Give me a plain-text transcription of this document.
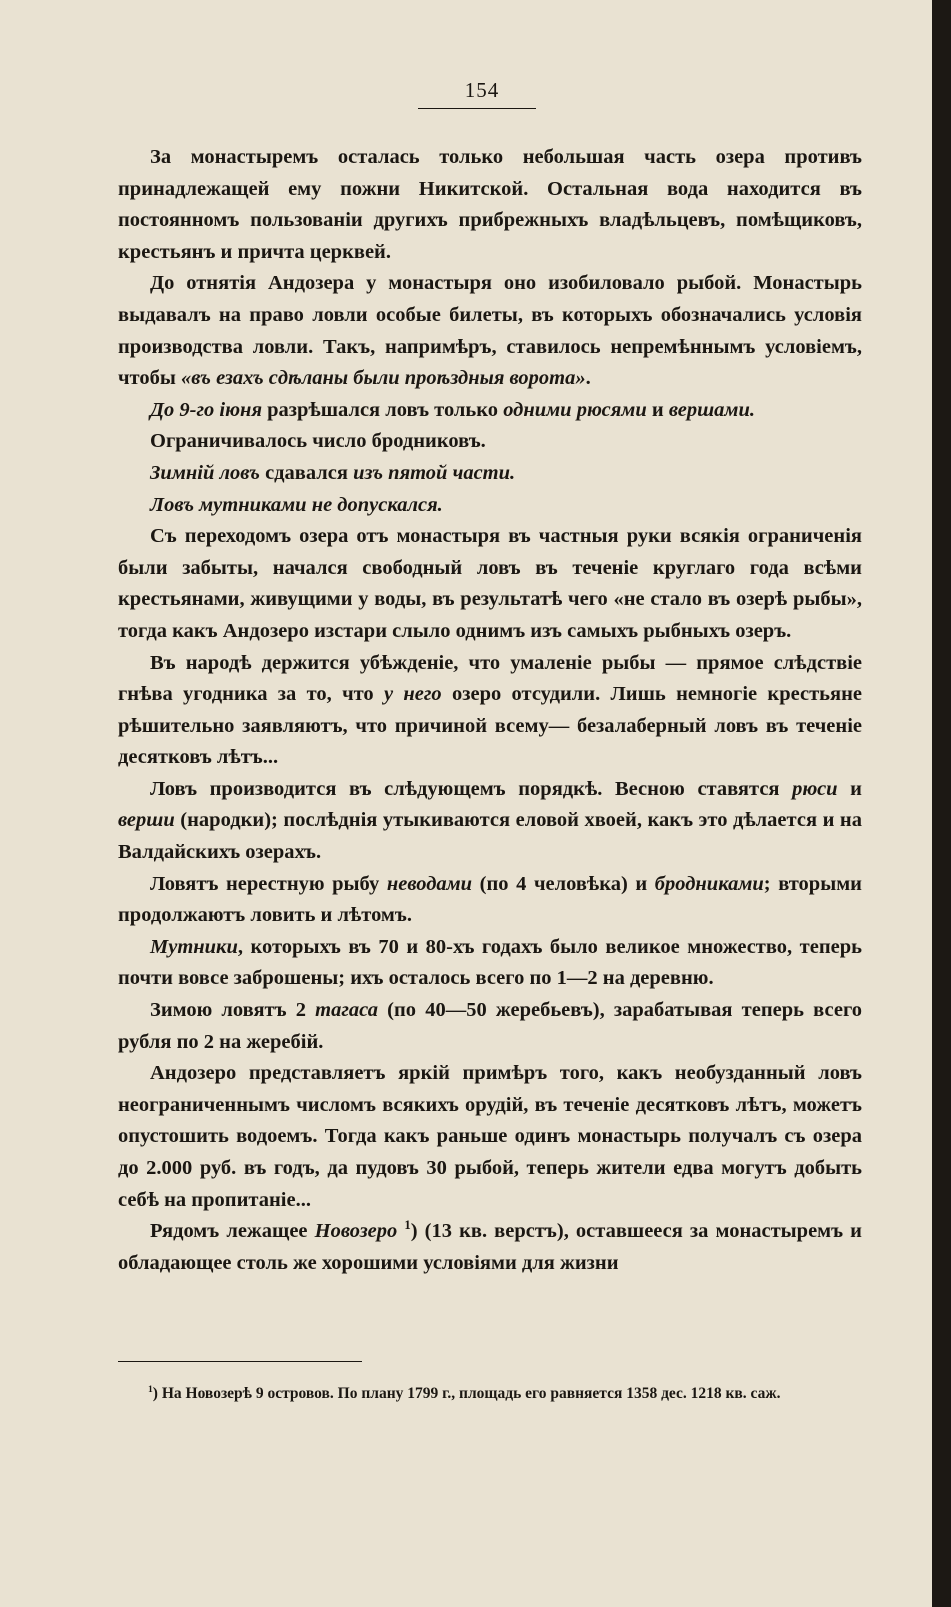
154

За монастыремъ осталась только небольшая часть озера противъ принадлежащей ему пожни Никитской. Остальная вода находится въ постоянномъ пользованіи другихъ прибрежныхъ владѣльцевъ, помѣщиковъ, крестьянъ и причта церквей.

До отнятія Андозера у монастыря оно изобиловало рыбой. Монастырь выдавалъ на право ловли особые билеты, въ которыхъ обозначались условія производства ловли. Такъ, напримѣръ, ставилось непремѣннымъ условіемъ, чтобы «въ езахъ сдѣланы были проѣздныя ворота».

До 9-го іюня разрѣшался ловъ только одними рюсями и вершами.

Ограничивалось число бродниковъ.

Зимній ловъ сдавался изъ пятой части.

Ловъ мутниками не допускался.

Съ переходомъ озера отъ монастыря въ частныя руки всякія ограниченія были забыты, начался свободный ловъ въ теченіе круглаго года всѣми крестьянами, живущими у воды, въ результатѣ чего «не стало въ озерѣ рыбы», тогда какъ Андозеро изстари слыло однимъ изъ самыхъ рыбныхъ озеръ.

Въ народѣ держится убѣжденіе, что умаленіе рыбы — прямое слѣдствіе гнѣва угодника за то, что у него озеро отсудили. Лишь немногіе крестьяне рѣшительно заявляютъ, что причиной всему— безалаберный ловъ въ теченіе десятковъ лѣтъ...

Ловъ производится въ слѣдующемъ порядкѣ. Весною ставятся рюси и верши (народки); послѣднія утыкиваются еловой хвоей, какъ это дѣлается и на Валдайскихъ озерахъ.

Ловятъ нерестную рыбу неводами (по 4 человѣка) и бродниками; вторыми продолжаютъ ловить и лѣтомъ.

Мутники, которыхъ въ 70 и 80-хъ годахъ было великое множество, теперь почти вовсе заброшены; ихъ осталось всего по 1—2 на деревню.

Зимою ловятъ 2 тагаса (по 40—50 жеребьевъ), зарабатывая теперь всего рубля по 2 на жеребій.

Андозеро представляетъ яркій примѣръ того, какъ необузданный ловъ неограниченнымъ числомъ всякихъ орудій, въ теченіе десятковъ лѣтъ, можетъ опустошить водоемъ. Тогда какъ раньше одинъ монастырь получалъ съ озера до 2.000 руб. въ годъ, да пудовъ 30 рыбой, теперь жители едва могутъ добыть себѣ на пропитаніе...

Рядомъ лежащее Новозеро $^1$) (13 кв. верстъ), оставшееся за монастыремъ и обладающее столь же хорошими условіями для жизни

$^1$) На Новозерѣ 9 островов. По плану 1799 г., площадь его равняется 1358 дес. 1218 кв. саж.
